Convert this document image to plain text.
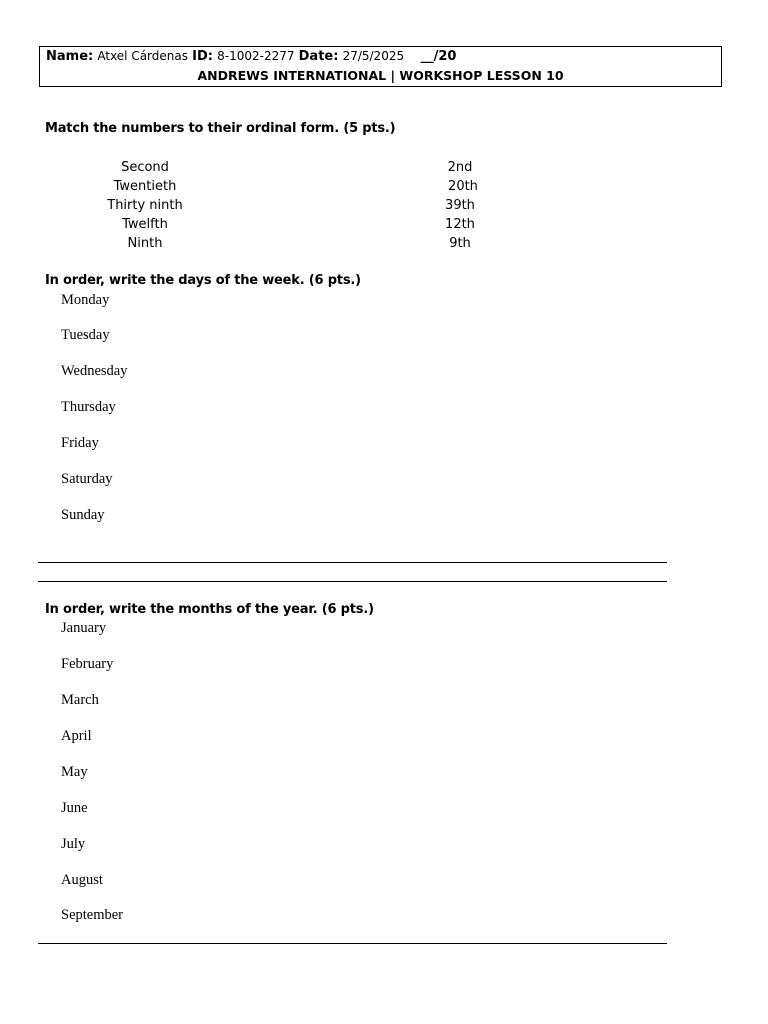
Name: Atxel Cárdenas ID: 8-1002-2277 Date: 27/5/2025 __/20
ANDREWS INTERNATIONAL | WORKSHOP LESSON 10
Match the numbers to their ordinal form. (5 pts.)
Second
Twentieth
Thirty ninth
Twelfth
Ninth
2nd
20th
39th
12th
9th
In order, write the days of the week. (6 pts.)
Monday
Tuesday
Wednesday
Thursday
Friday
Saturday
Sunday
In order, write the months of the year. (6 pts.)
January
February
March
April
May
June
July
August
September
